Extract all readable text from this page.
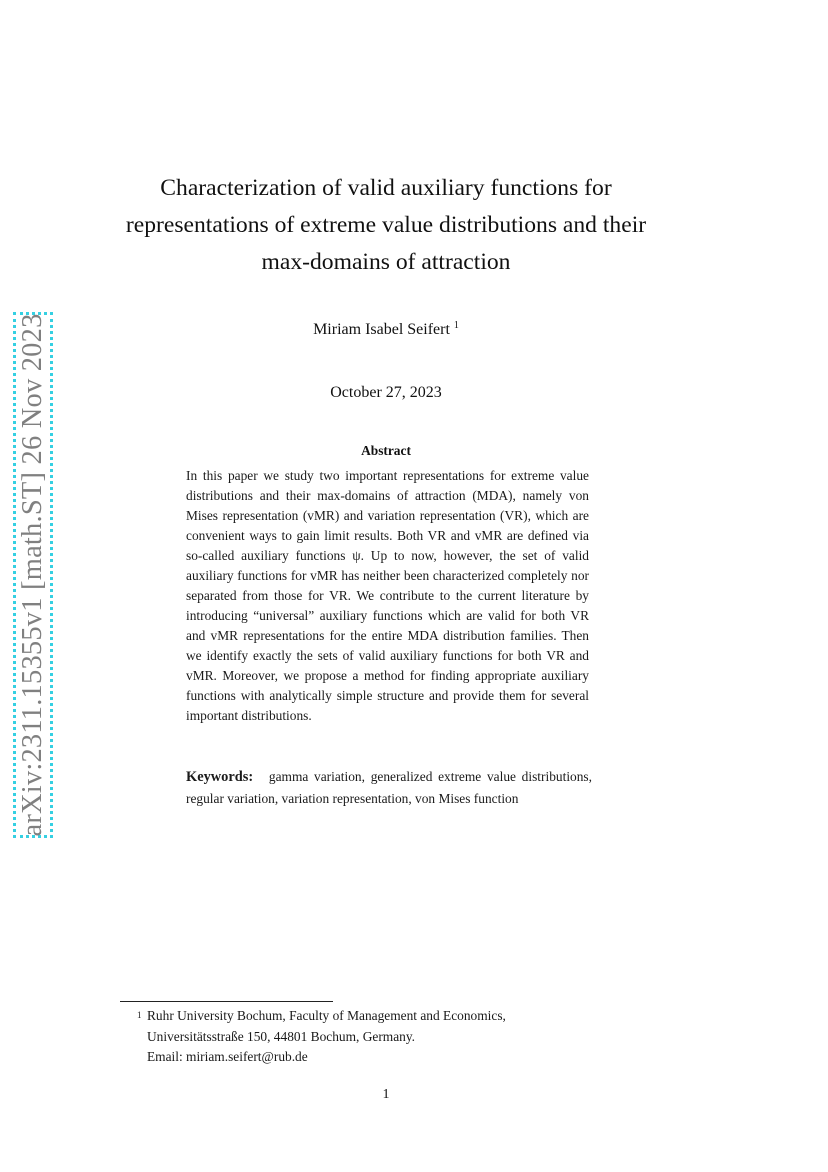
arXiv:2311.15355v1 [math.ST] 26 Nov 2023
Characterization of valid auxiliary functions for
representations of extreme value distributions and their
max-domains of attraction
Miriam Isabel Seifert $^1$
October 27, 2023
Abstract
In this paper we study two important representations for extreme value distributions and their max-domains of attraction (MDA), namely von Mises representation (vMR) and variation representation (VR), which are convenient ways to gain limit results. Both VR and vMR are defined via so-called auxiliary functions ψ. Up to now, however, the set of valid auxiliary functions for vMR has neither been characterized completely nor separated from those for VR. We contribute to the current literature by introducing “universal” auxiliary functions which are valid for both VR and vMR representations for the entire MDA distribution families. Then we identify exactly the sets of valid auxiliary functions for both VR and vMR. Moreover, we propose a method for finding appropriate auxiliary functions with analytically simple structure and provide them for several important distributions.
Keywords: gamma variation, generalized extreme value distributions, regular variation, variation representation, von Mises function
1 Ruhr University Bochum, Faculty of Management and Economics,
Universitätsstraße 150, 44801 Bochum, Germany.
Email: miriam.seifert@rub.de
1
